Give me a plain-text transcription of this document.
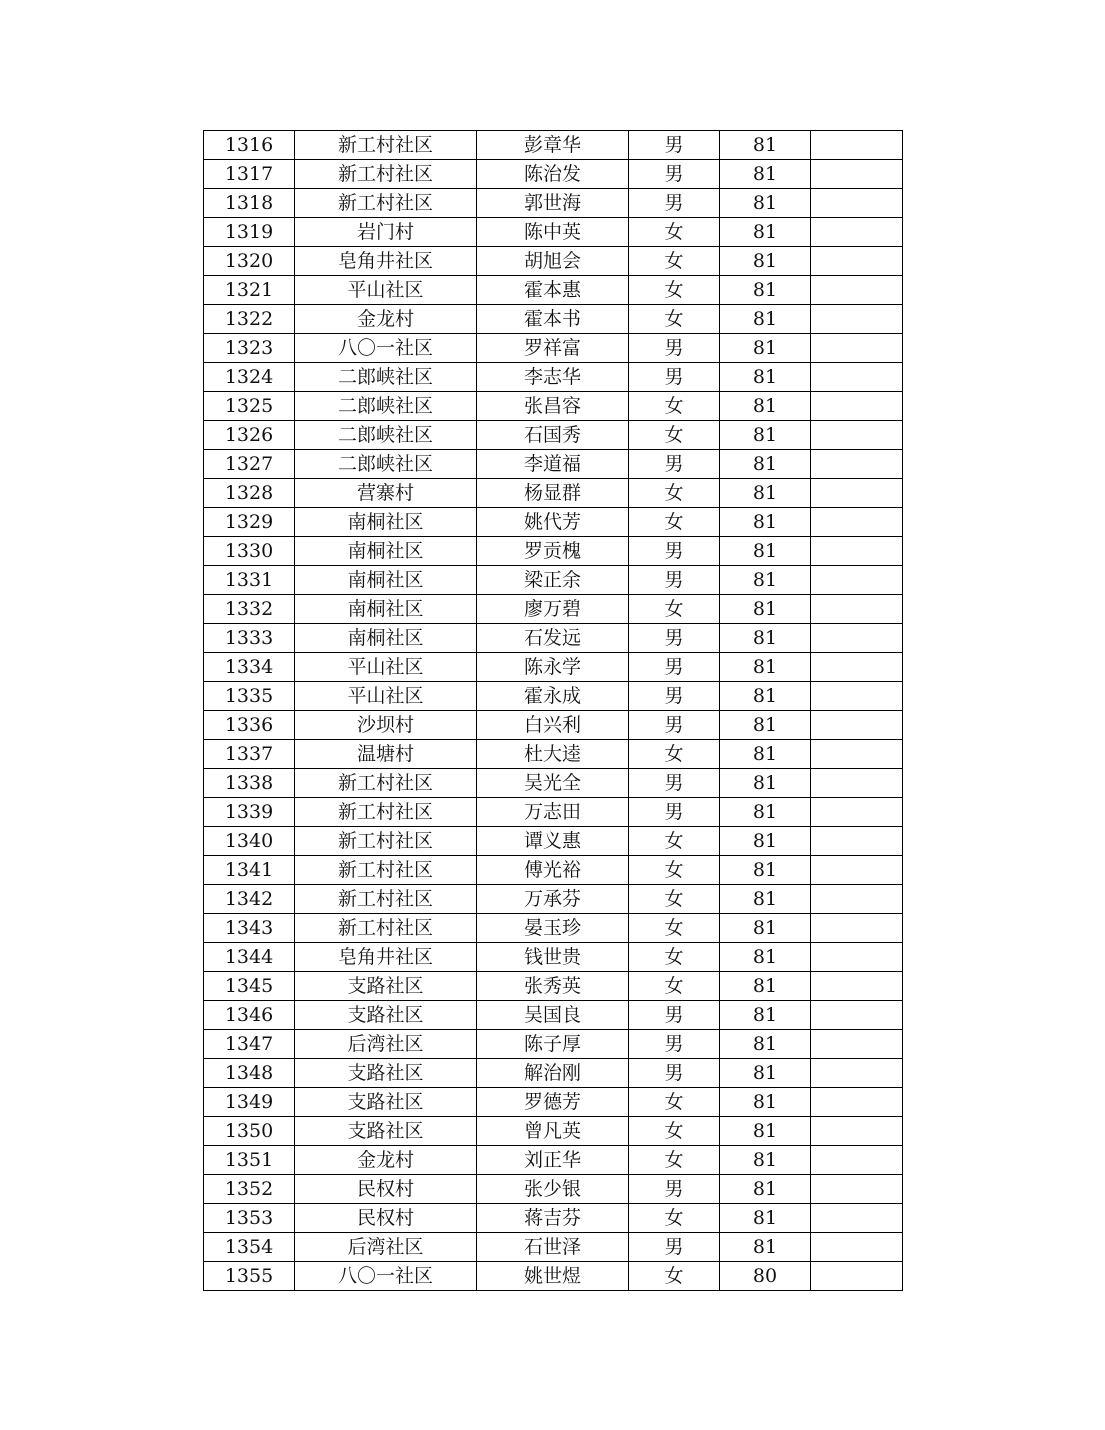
1316	新工村社区	彭章华	男	81	
1317	新工村社区	陈治发	男	81	
1318	新工村社区	郭世海	男	81	
1319	岩门村	陈中英	女	81	
1320	皂角井社区	胡旭会	女	81	
1321	平山社区	霍本惠	女	81	
1322	金龙村	霍本书	女	81	
1323	八〇一社区	罗祥富	男	81	
1324	二郎峡社区	李志华	男	81	
1325	二郎峡社区	张昌容	女	81	
1326	二郎峡社区	石国秀	女	81	
1327	二郎峡社区	李道福	男	81	
1328	营寨村	杨显群	女	81	
1329	南桐社区	姚代芳	女	81	
1330	南桐社区	罗贡槐	男	81	
1331	南桐社区	梁正余	男	81	
1332	南桐社区	廖万碧	女	81	
1333	南桐社区	石发远	男	81	
1334	平山社区	陈永学	男	81	
1335	平山社区	霍永成	男	81	
1336	沙坝村	白兴利	男	81	
1337	温塘村	杜大逵	女	81	
1338	新工村社区	吴光全	男	81	
1339	新工村社区	万志田	男	81	
1340	新工村社区	谭义惠	女	81	
1341	新工村社区	傅光裕	女	81	
1342	新工村社区	万承芬	女	81	
1343	新工村社区	晏玉珍	女	81	
1344	皂角井社区	钱世贵	女	81	
1345	支路社区	张秀英	女	81	
1346	支路社区	吴国良	男	81	
1347	后湾社区	陈子厚	男	81	
1348	支路社区	解治刚	男	81	
1349	支路社区	罗德芳	女	81	
1350	支路社区	曾凡英	女	81	
1351	金龙村	刘正华	女	81	
1352	民权村	张少银	男	81	
1353	民权村	蒋吉芬	女	81	
1354	后湾社区	石世泽	男	81	
1355	八〇一社区	姚世煜	女	80	
